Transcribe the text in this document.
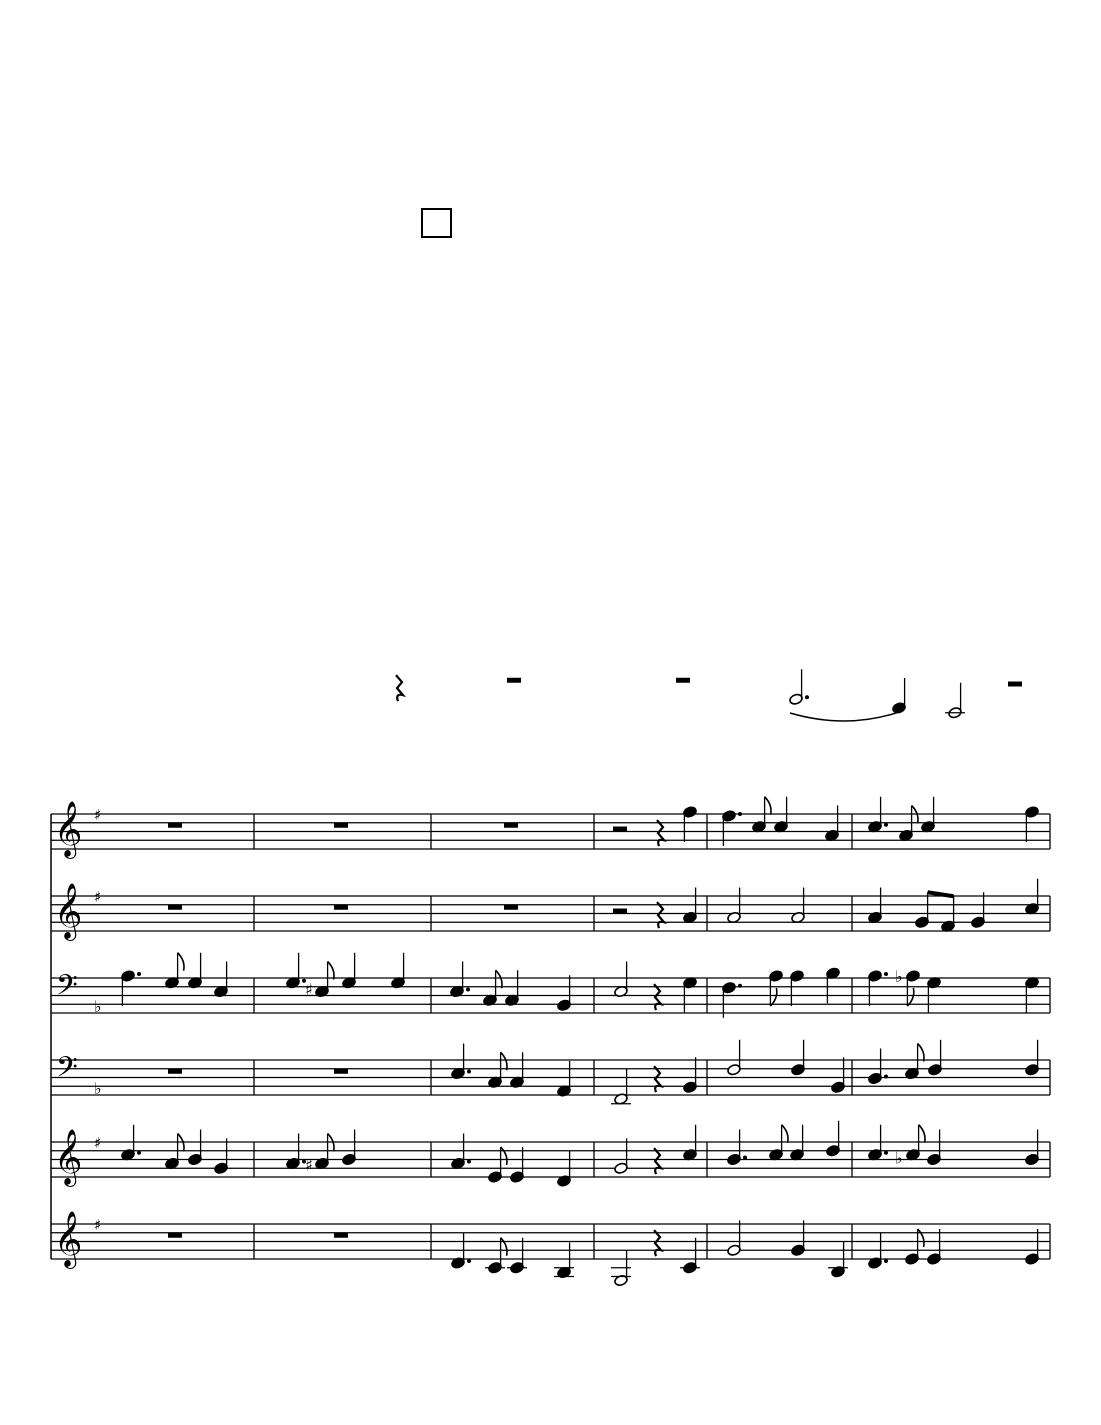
𝄞 ♯
𝄞 ♯
𝄢 ♭
𝄢 ♭
𝄞 ♯
𝄞 ♯
♯
♭
♯	♭
